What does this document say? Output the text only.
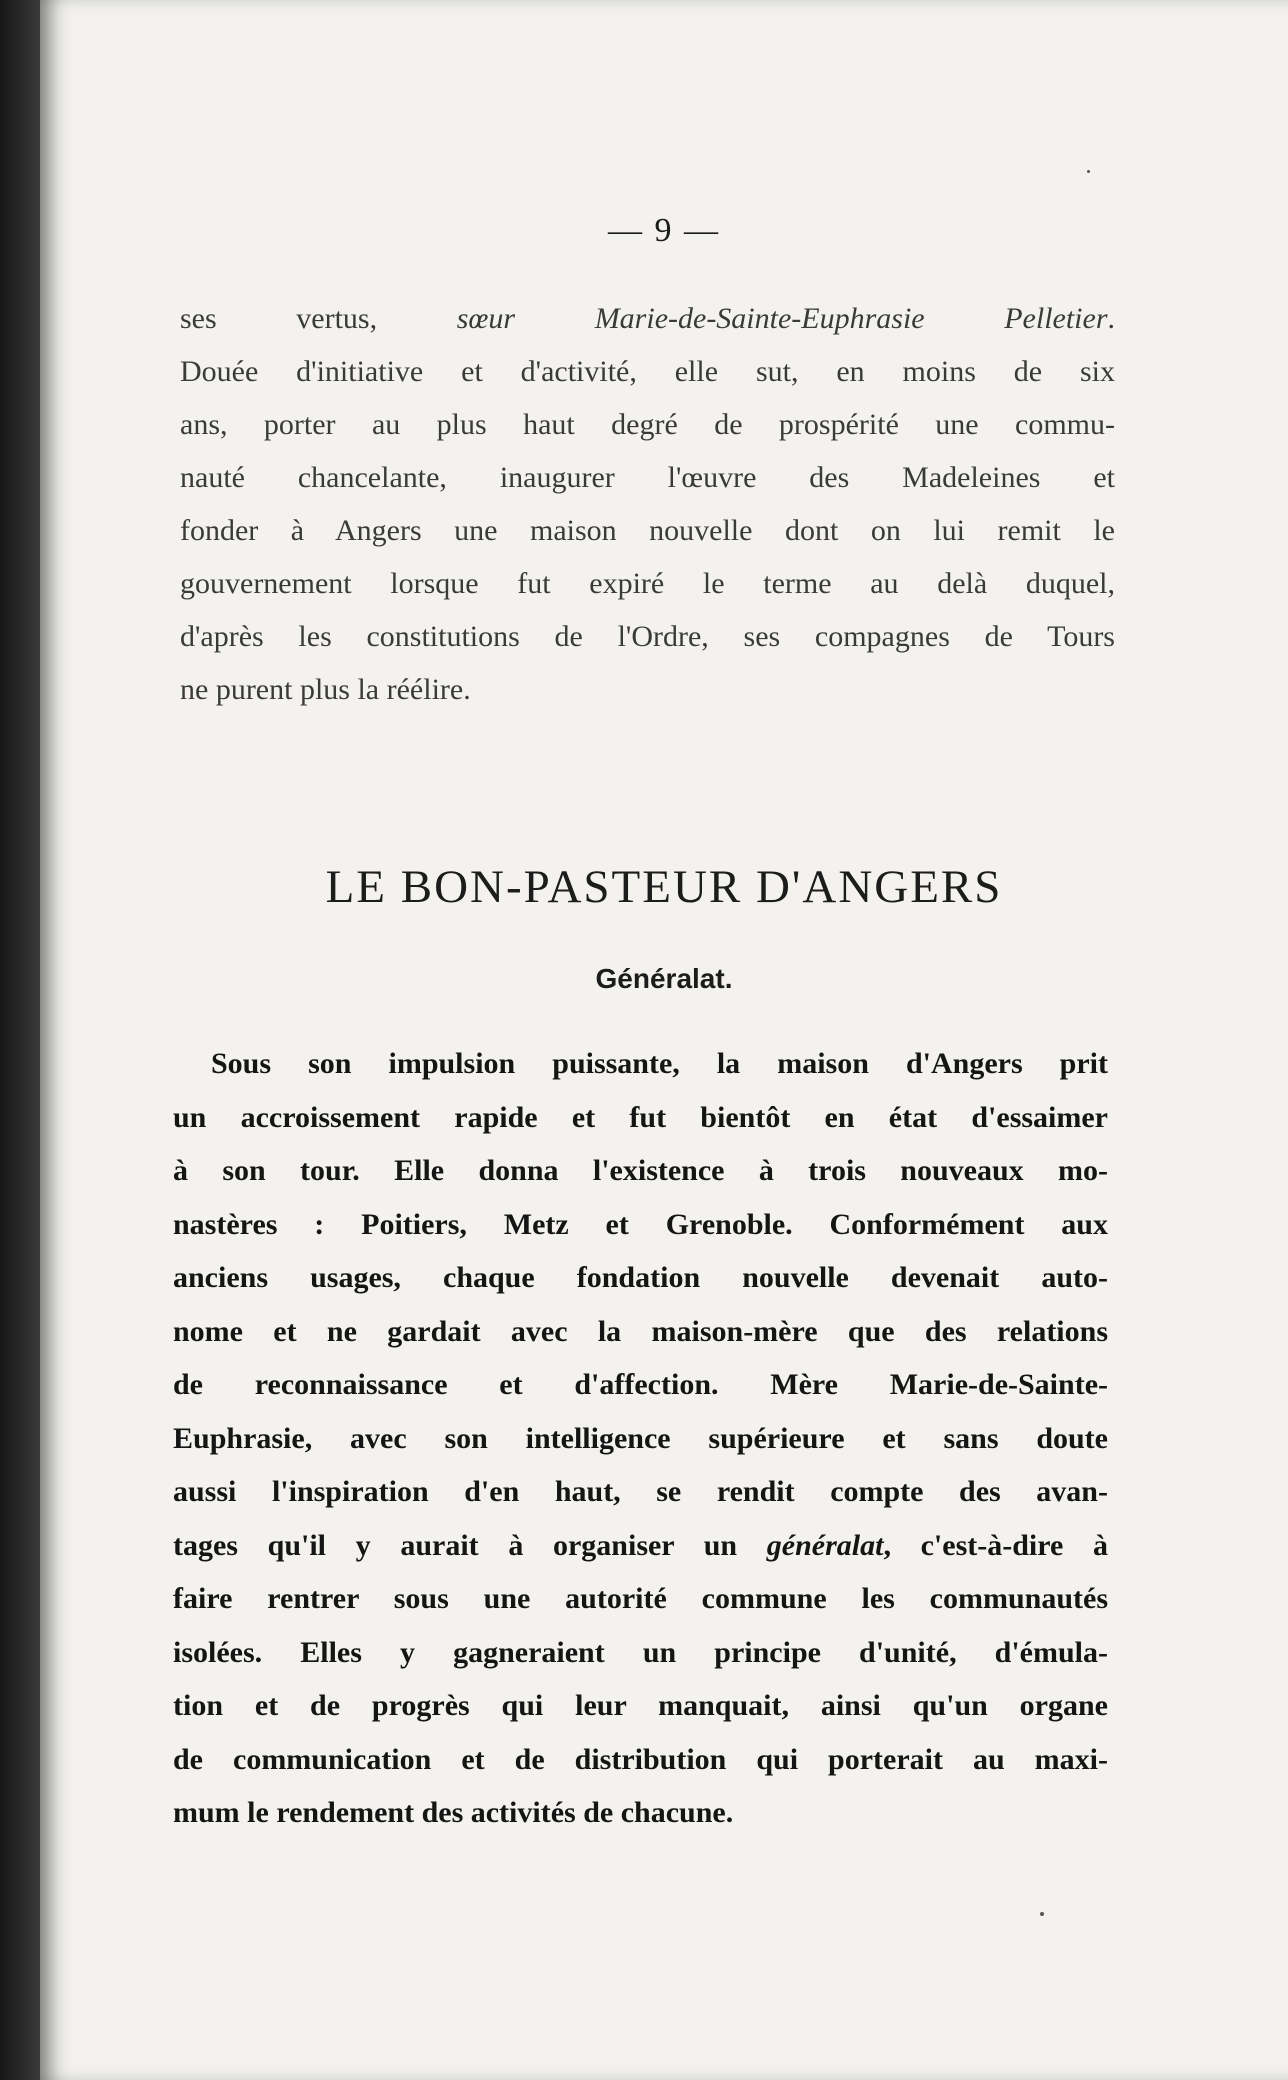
— 9 —
ses vertus, sœur Marie-de-Sainte-Euphrasie Pelletier.
Douée d'initiative et d'activité, elle sut, en moins de six
ans, porter au plus haut degré de prospérité une commu-
nauté chancelante, inaugurer l'œuvre des Madeleines et
fonder à Angers une maison nouvelle dont on lui remit le
gouvernement lorsque fut expiré le terme au delà duquel,
d'après les constitutions de l'Ordre, ses compagnes de Tours
ne purent plus la réélire.
LE BON-PASTEUR D'ANGERS
Généralat.
Sous son impulsion puissante, la maison d'Angers prit
un accroissement rapide et fut bientôt en état d'essaimer
à son tour. Elle donna l'existence à trois nouveaux mo-
nastères : Poitiers, Metz et Grenoble. Conformément aux
anciens usages, chaque fondation nouvelle devenait auto-
nome et ne gardait avec la maison-mère que des relations
de reconnaissance et d'affection. Mère Marie-de-Sainte-
Euphrasie, avec son intelligence supérieure et sans doute
aussi l'inspiration d'en haut, se rendit compte des avan-
tages qu'il y aurait à organiser un généralat, c'est-à-dire à
faire rentrer sous une autorité commune les communautés
isolées. Elles y gagneraient un principe d'unité, d'émula-
tion et de progrès qui leur manquait, ainsi qu'un organe
de communication et de distribution qui porterait au maxi-
mum le rendement des activités de chacune.
